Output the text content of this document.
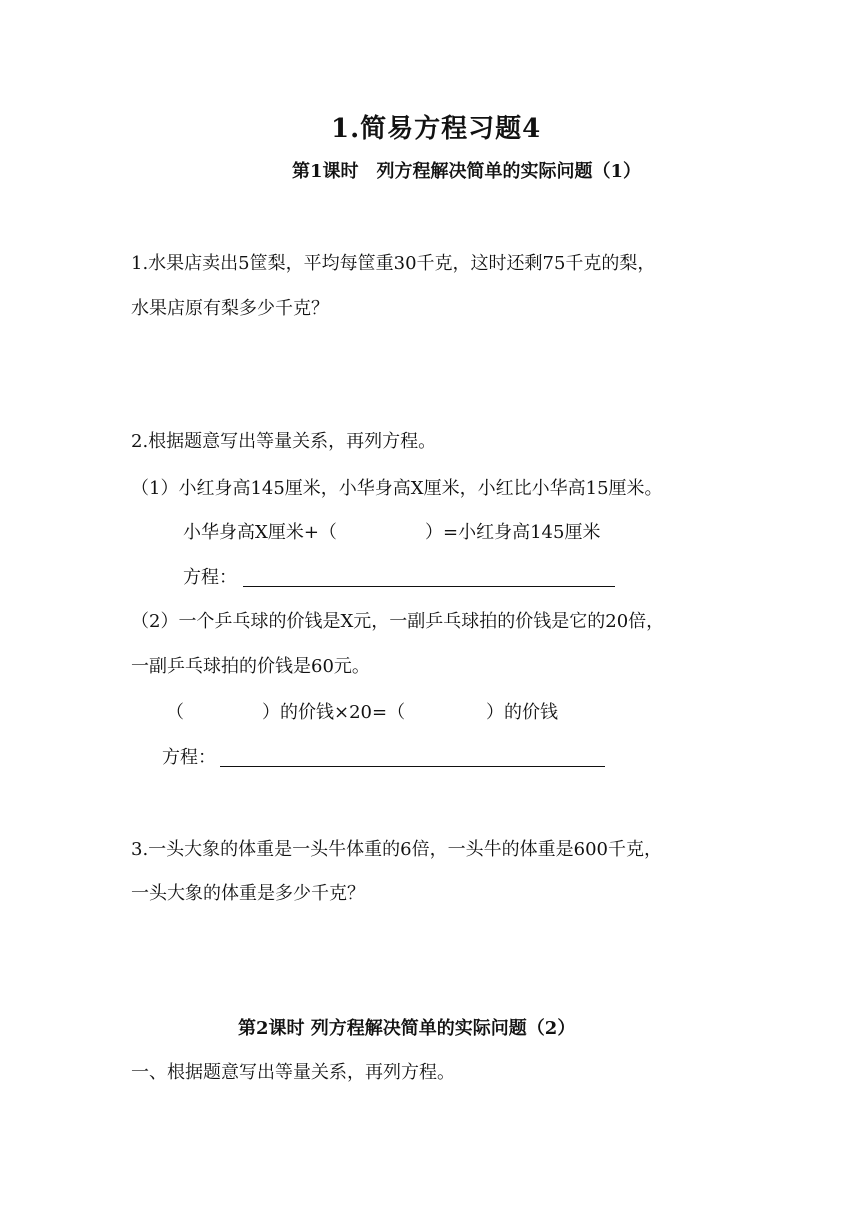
1.简易方程习题4
第1课时　列方程解决简单的实际问题（1）
1.水果店卖出5筐梨，平均每筐重30千克，这时还剩75千克的梨，
水果店原有梨多少千克？
2.根据题意写出等量关系，再列方程。
（1）小红身高145厘米，小华身高X厘米，小红比小华高15厘米。
小华身高X厘米+（	）=小红身高145厘米
方程：
（2）一个乒乓球的价钱是X元，一副乒乓球拍的价钱是它的20倍，
一副乒乓球拍的价钱是60元。
（	）的价钱×20=（	）的价钱
方程：
3.一头大象的体重是一头牛体重的6倍，一头牛的体重是600千克，
一头大象的体重是多少千克？
第2课时 列方程解决简单的实际问题（2）
一、根据题意写出等量关系，再列方程。
